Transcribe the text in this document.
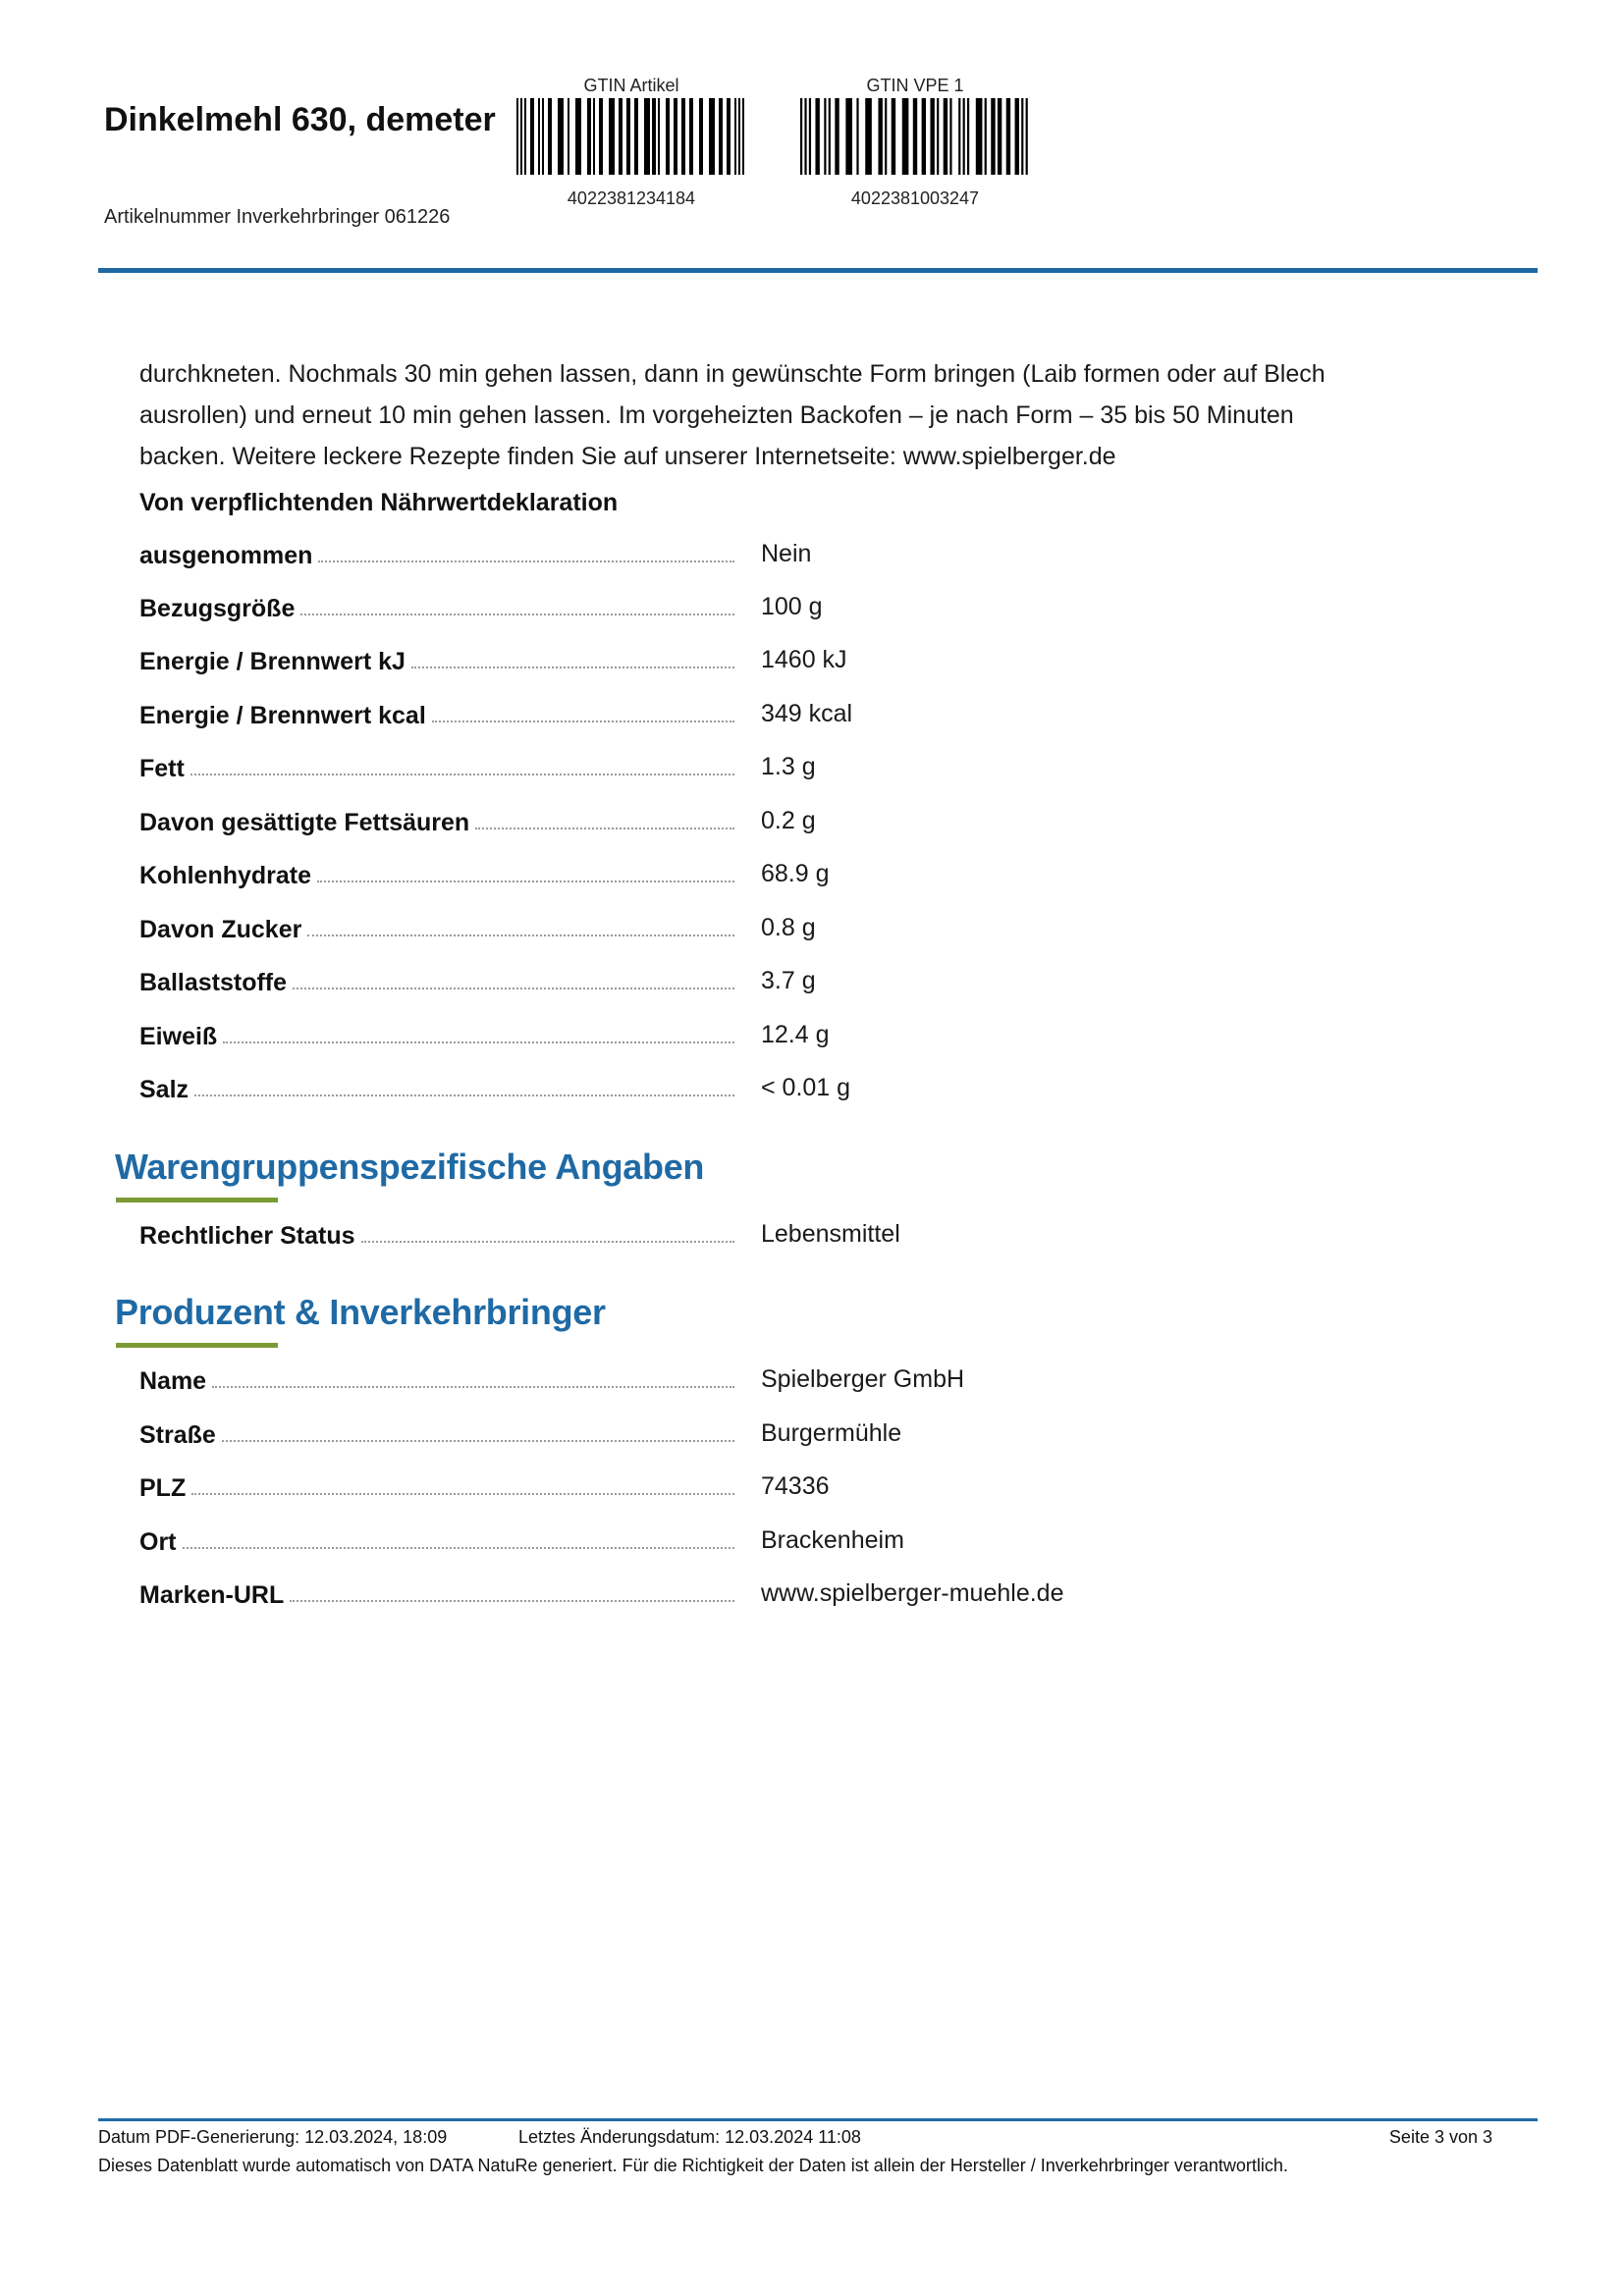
Dinkelmehl 630, demeter
Artikelnummer Inverkehrbringer 061226
GTIN Artikel
4022381234184
GTIN VPE 1
4022381003247
durchkneten. Nochmals 30 min gehen lassen, dann in gewünschte Form bringen (Laib formen oder auf Blech ausrollen) und erneut 10 min gehen lassen. Im vorgeheizten Backofen – je nach Form – 35 bis 50 Minuten backen. Weitere leckere Rezepte finden Sie auf unserer Internetseite: www.spielberger.de
Von verpflichtenden Nährwertdeklaration
ausgenommen	Nein
Bezugsgröße	100 g
Energie / Brennwert kJ	1460 kJ
Energie / Brennwert kcal	349 kcal
Fett	1.3 g
Davon gesättigte Fettsäuren	0.2 g
Kohlenhydrate	68.9 g
Davon Zucker	0.8 g
Ballaststoffe	3.7 g
Eiweiß	12.4 g
Salz	< 0.01 g
Warengruppenspezifische Angaben
Rechtlicher Status	Lebensmittel
Produzent & Inverkehrbringer
Name	Spielberger GmbH
Straße	Burgermühle
PLZ	74336
Ort	Brackenheim
Marken-URL	www.spielberger-muehle.de
Datum PDF-Generierung: 12.03.2024, 18:09	Letztes Änderungsdatum: 12.03.2024 11:08	Seite 3 von 3
Dieses Datenblatt wurde automatisch von DATA NatuRe generiert. Für die Richtigkeit der Daten ist allein der Hersteller / Inverkehrbringer verantwortlich.
